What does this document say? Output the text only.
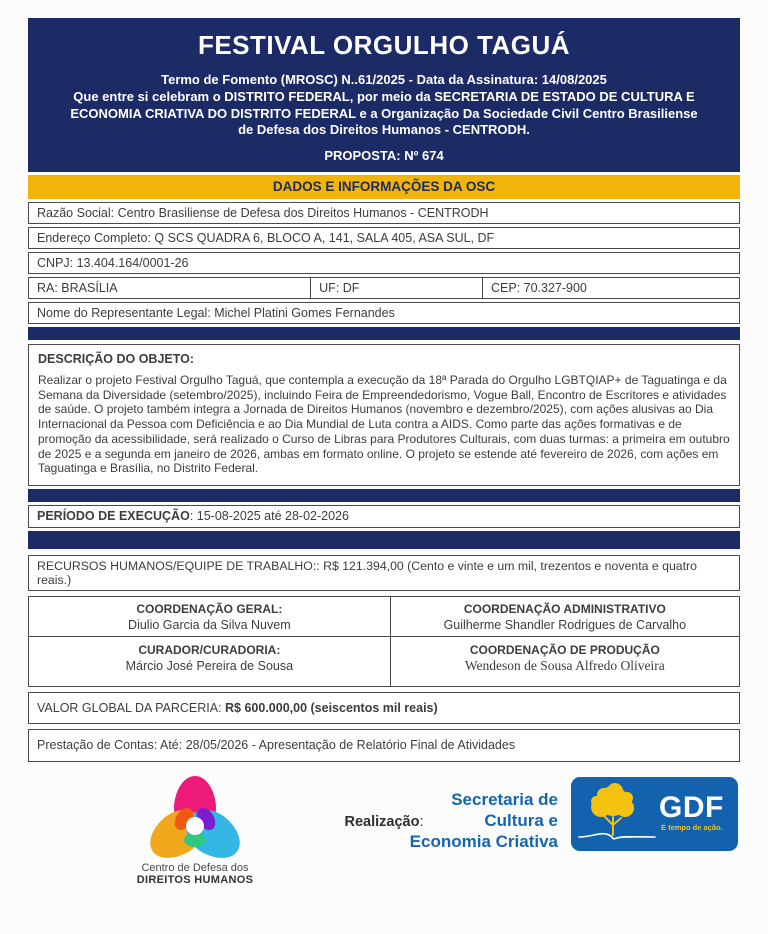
FESTIVAL ORGULHO TAGUÁ
Termo de Fomento (MROSC) N..61/2025 - Data da Assinatura: 14/08/2025
Que entre si celebram o DISTRITO FEDERAL, por meio da SECRETARIA DE ESTADO DE CULTURA E ECONOMIA CRIATIVA DO DISTRITO FEDERAL e a Organização Da Sociedade Civil Centro Brasiliense de Defesa dos Direitos Humanos - CENTRODH.
PROPOSTA: Nº 674
DADOS E INFORMAÇÕES DA OSC
Razão Social: Centro Brasiliense de Defesa dos Direitos Humanos - CENTRODH
Endereço Completo: Q SCS QUADRA 6, BLOCO A, 141, SALA 405, ASA SUL, DF
CNPJ: 13.404.164/0001-26
RA: BRASÍLIA	UF: DF	CEP: 70.327-900
Nome do Representante Legal: Michel Platini Gomes Fernandes
DESCRIÇÃO DO OBJETO:
Realizar o projeto Festival Orgulho Taguá, que contempla a execução da 18ª Parada do Orgulho LGBTQIAP+ de Taguatinga e da Semana da Diversidade (setembro/2025), incluindo Feira de Empreendedorismo, Vogue Ball, Encontro de Escritores e atividades de saúde. O projeto também integra a Jornada de Direitos Humanos (novembro e dezembro/2025), com ações alusivas ao Dia Internacional da Pessoa com Deficiência e ao Dia Mundial de Luta contra a AIDS. Como parte das ações formativas e de promoção da acessibilidade, será realizado o Curso de Libras para Produtores Culturais, com duas turmas: a primeira em outubro de 2025 e a segunda em janeiro de 2026, ambas em formato online. O projeto se estende até fevereiro de 2026, com ações em Taguatinga e Brasília, no Distrito Federal.
PERÍODO DE EXECUÇÃO: 15-08-2025 até 28-02-2026
RECURSOS HUMANOS/EQUIPE DE TRABALHO:: R$ 121.394,00 (Cento e vinte e um mil, trezentos e noventa e quatro reais.)
COORDENAÇÃO GERAL:
Diulio Garcia da Silva Nuvem
COORDENAÇÃO ADMINISTRATIVO
Guilherme Shandler Rodrigues de Carvalho
CURADOR/CURADORIA:
Márcio José Pereira de Sousa
COORDENAÇÃO DE PRODUÇÃO
Wendeson de Sousa Alfredo Oliveira
VALOR GLOBAL DA PARCERIA: R$ 600.000,00 (seiscentos mil reais)
Prestação de Contas: Até: 28/05/2026 - Apresentação de Relatório Final de Atividades
Realização:
Centro de Defesa dos
DIREITOS HUMANOS
Secretaria de
Cultura e
Economia Criativa
GDF
É tempo de ação.
